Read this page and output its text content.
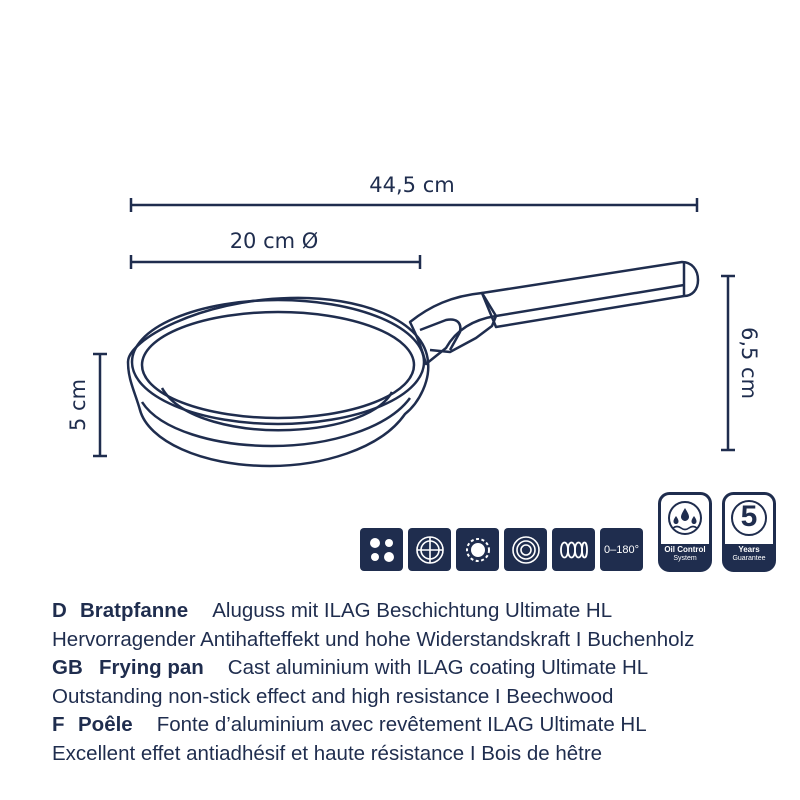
44,5 cm
20 cm Ø
5 cm
6,5 cm
0–180°	Oil Control
System
5
Years
Guarantee
D Bratpfanne Aluguss mit ILAG Beschichtung Ultimate HL
Hervorragender Antihafteffekt und hohe Widerstandskraft I Buchenholz
GB Frying pan Cast aluminium with ILAG coating Ultimate HL
Outstanding non-stick effect and high resistance I Beechwood
F Poêle Fonte d’aluminium avec revêtement ILAG Ultimate HL
Excellent effet antiadhésif et haute résistance I Bois de hêtre
